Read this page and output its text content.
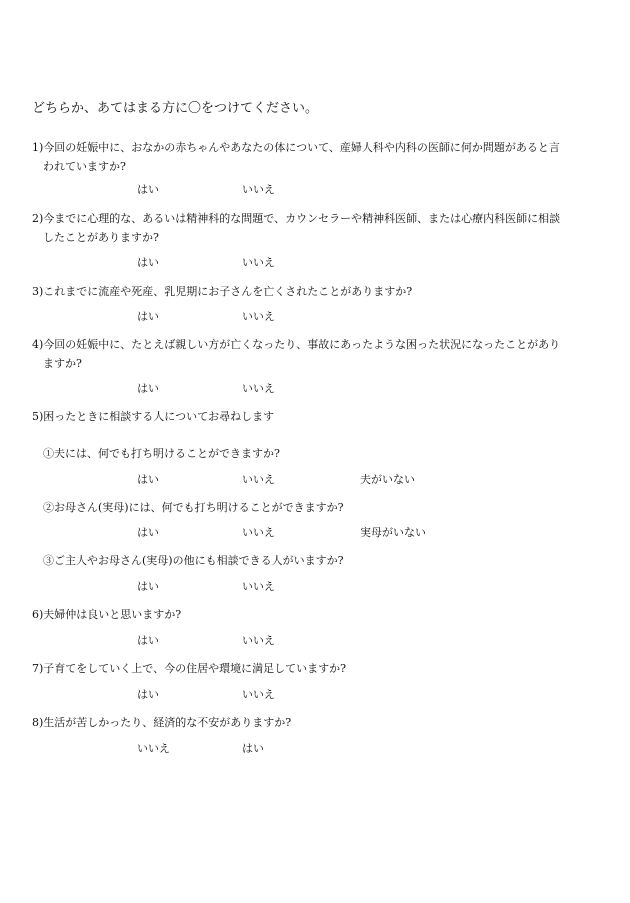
どちらか、あてはまる方に〇をつけてください。
1)今回の妊娠中に、おなかの赤ちゃんやあなたの体について、産婦人科や内科の医師に何か問題があると言
われていますか?
はい	いいえ
2)今までに心理的な、あるいは精神科的な問題で、カウンセラーや精神科医師、または心療内科医師に相談
したことがありますか?
はい	いいえ
3)これまでに流産や死産、乳児期にお子さんを亡くされたことがありますか?
はい	いいえ
4)今回の妊娠中に、たとえば親しい方が亡くなったり、事故にあったような困った状況になったことがあり
ますか?
はい	いいえ
5)困ったときに相談する人についてお尋ねします
①夫には、何でも打ち明けることができますか?
はい	いいえ	夫がいない
②お母さん(実母)には、何でも打ち明けることができますか?
はい	いいえ	実母がいない
③ご主人やお母さん(実母)の他にも相談できる人がいますか?
はい	いいえ
6)夫婦仲は良いと思いますか?
はい	いいえ
7)子育てをしていく上で、今の住居や環境に満足していますか?
はい	いいえ
8)生活が苦しかったり、経済的な不安がありますか?
いいえ	はい
